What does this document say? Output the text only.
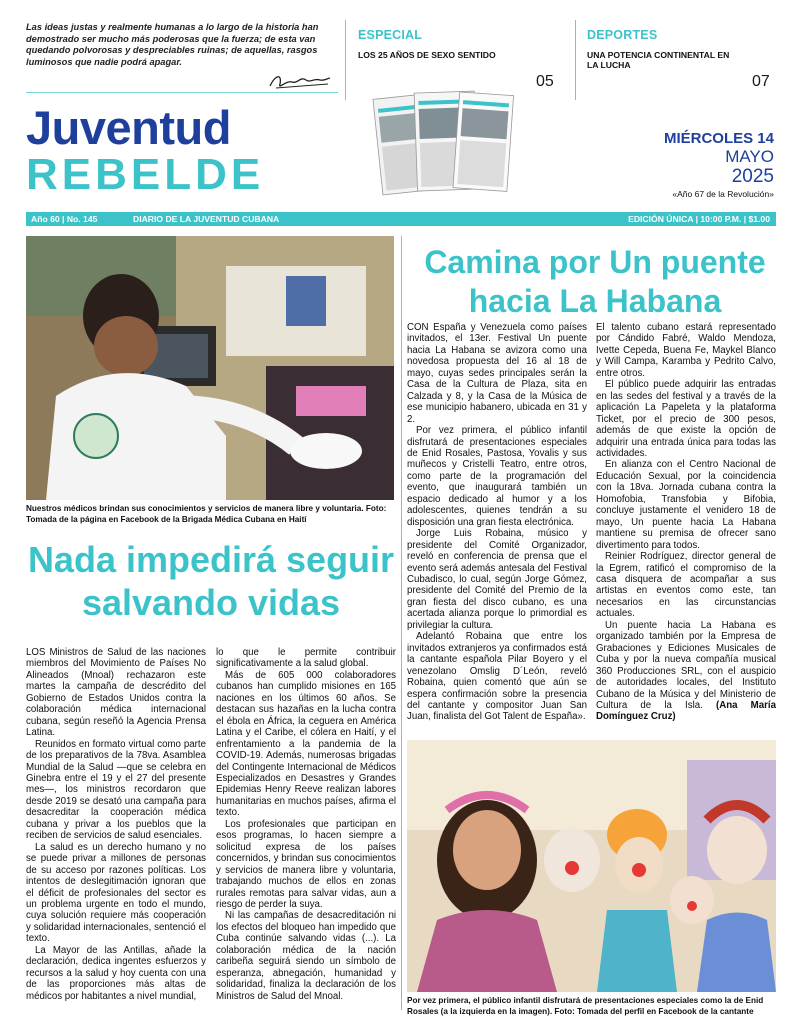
Las ideas justas y realmente humanas a lo largo de la historia han demostrado ser mucho más poderosas que la fuerza; de esta van quedando polvorosas y despreciables ruinas; de aquellas, rasgos luminosos que nadie podrá apagar.
ESPECIAL
LOS 25 AÑOS DE SEXO SENTIDO
05
DEPORTES
UNA POTENCIA CONTINENTAL EN LA LUCHA
07
Juventud
REBELDE
MIÉRCOLES 14
MAYO
2025
«Año 67 de la Revolución»
Año 60 | No. 145	DIARIO DE LA JUVENTUD CUBANA	EDICIÓN ÚNICA | 10:00 P.M. | $1.00
Nuestros médicos brindan sus conocimientos y servicios de manera libre y voluntaria. Foto: Tomada de la página en Facebook de la Brigada Médica Cubana en Haití
Nada impedirá seguir salvando vidas

LOS Ministros de Salud de las naciones miembros del Movimiento de Países No Alineados (Mnoal) rechazaron este martes la campaña de descrédito del Gobierno de Estados Unidos contra la colaboración médica internacional cubana, según reseñó la Agencia Prensa Latina.

Reunidos en formato virtual como parte de los preparativos de la 78va. Asamblea Mundial de la Salud —que se celebra en Ginebra entre el 19 y el 27 del presente mes—, los ministros recordaron que desde 2019 se desató una campaña para desacreditar la cooperación médica cubana y privar a los pueblos que la reciben de servicios de salud esenciales.

La salud es un derecho humano y no se puede privar a millones de personas de su acceso por razones políticas. Los intentos de deslegitimación ignoran que el déficit de profesionales del sector es un problema urgente en todo el mundo, cuya solución requiere más cooperación y solidaridad internacionales, sentenció el texto.

La Mayor de las Antillas, añade la declaración, dedica ingentes esfuerzos y recursos a la salud y hoy cuenta con una de las proporciones más altas de médicos por habitantes a nivel mundial,

lo que le permite contribuir significativamente a la salud global.

Más de 605 000 colaboradores cubanos han cumplido misiones en 165 naciones en los últimos 60 años. Se destacan sus hazañas en la lucha contra el ébola en África, la ceguera en América Latina y el Caribe, el cólera en Haití, y el enfrentamiento a la pandemia de la COVID-19. Además, numerosas brigadas del Contingente Internacional de Médicos Especializados en Desastres y Grandes Epidemias Henry Reeve realizan labores humanitarias en muchos países, afirma el texto.

Los profesionales que participan en esos programas, lo hacen siempre a solicitud expresa de los países concernidos, y brindan sus conocimientos y servicios de manera libre y voluntaria, trabajando muchos de ellos en zonas rurales remotas para salvar vidas, aun a riesgo de perder la suya.

Ni las campañas de desacreditación ni los efectos del bloqueo han impedido que Cuba continúe salvando vidas (...). La colaboración médica de la nación caribeña seguirá siendo un símbolo de esperanza, abnegación, humanidad y solidaridad, finaliza la declaración de los Ministros de Salud del Mnoal.

Camina por Un puente hacia La Habana

CON España y Venezuela como países invitados, el 13er. Festival Un puente hacia La Habana se avizora como una novedosa propuesta del 16 al 18 de mayo, cuyas sedes principales serán la Casa de la Cultura de Plaza, sita en Calzada y 8, y la Casa de la Música de ese municipio habanero, ubicada en 31 y 2.

Por vez primera, el público infantil disfrutará de presentaciones especiales de Enid Rosales, Pastosa, Yovalis y sus muñecos y Cristelli Teatro, entre otros, como parte de la programación del evento, que inaugurará también un espacio dedicado al humor y a los adolescentes, quienes tendrán a su disposición una gran fiesta electrónica.

Jorge Luis Robaina, músico y presidente del Comité Organizador, reveló en conferencia de prensa que el evento será además antesala del Festival Cubadisco, lo cual, según Jorge Gómez, presidente del Comité del Premio de la gran fiesta del disco cubano, es una acertada alianza porque lo primordial es privilegiar la cultura.

Adelantó Robaina que entre los invitados extranjeros ya confirmados está la cantante española Pilar Boyero y el venezolano Omslig D´León, reveló Robaina, quien comentó que aún se espera confirmación sobre la presencia del cantante y compositor Juan San Juan, finalista del Got Talent de España».

El talento cubano estará representado por Cándido Fabré, Waldo Mendoza, Ivette Cepeda, Buena Fe, Maykel Blanco y Will Campa, Karamba y Pedrito Calvo, entre otros.

El público puede adquirir las entradas en las sedes del festival y a través de la aplicación La Papeleta y la plataforma Ticket, por el precio de 300 pesos, además de que existe la opción de adquirir una entrada única para todas las actividades.

En alianza con el Centro Nacional de Educación Sexual, por la coincidencia con la 18va. Jornada cubana contra la Homofobia, Transfobia y Bifobia, concluye justamente el venidero 18 de mayo, Un puente hacia La Habana mantiene su premisa de ofrecer sano divertimento para todos.

Reinier Rodríguez, director general de la Egrem, ratificó el compromiso de la casa disquera de acompañar a sus artistas en eventos como este, tan necesarios en las circunstancias actuales.

Un puente hacia La Habana es organizado también por la Empresa de Grabaciones y Ediciones Musicales de Cuba y por la nueva compañía musical 360 Producciones SRL, con el auspicio de autoridades locales, del Instituto Cubano de la Música y del Ministerio de Cultura de la Isla. (Ana María Domínguez Cruz)

Por vez primera, el público infantil disfrutará de presentaciones especiales como la de Enid Rosales (a la izquierda en la imagen). Foto: Tomada del perfil en Facebook de la cantante
